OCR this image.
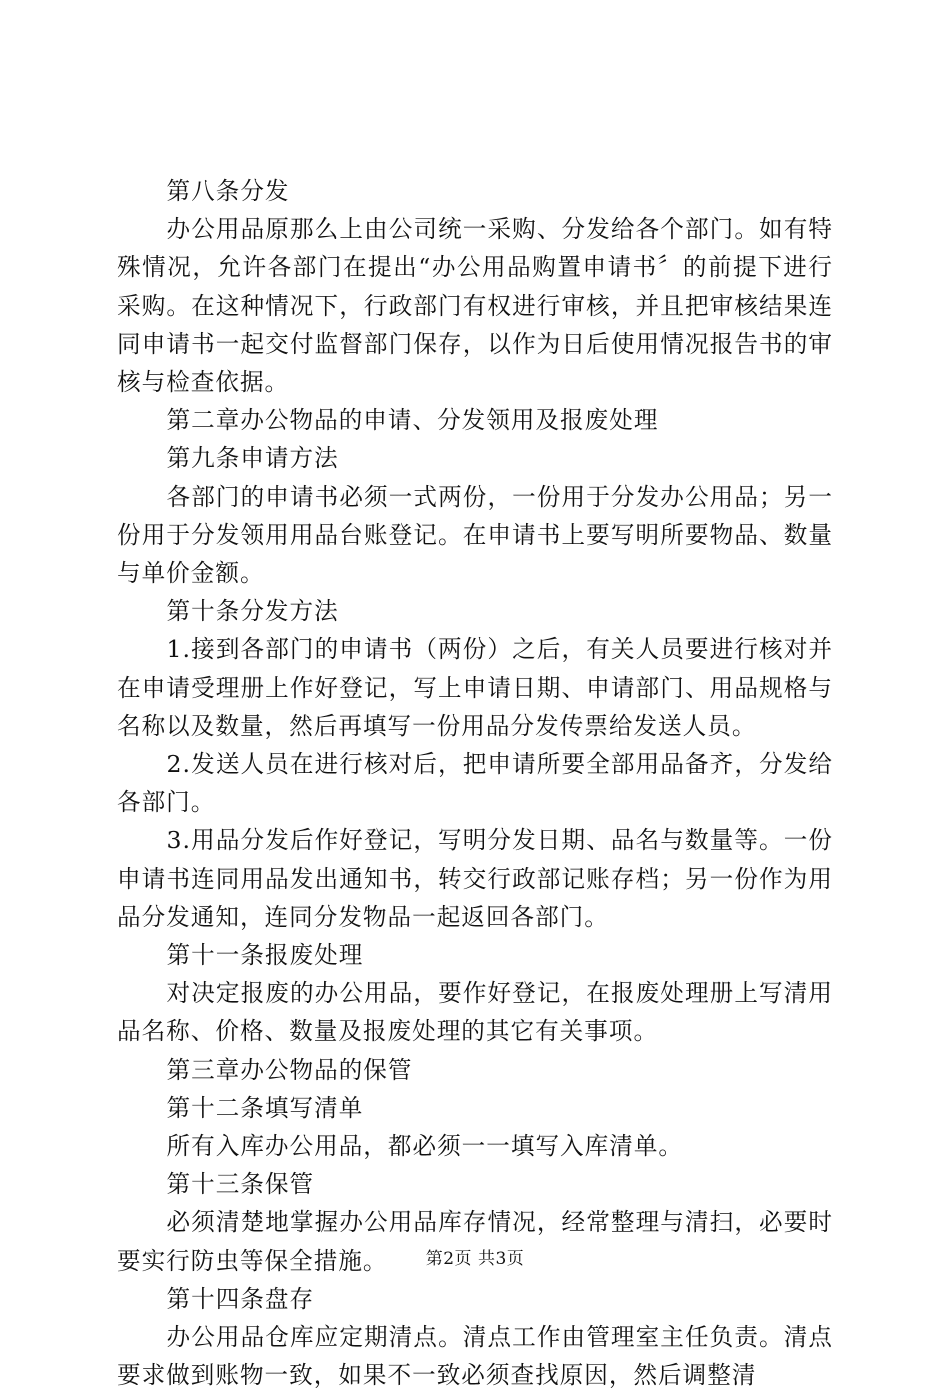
第八条分发

办公用品原那么上由公司统一采购、分发给各个部门。如有特殊情况，允许各部门在提出“办公用品购置申请书〞的前提下进行采购。在这种情况下，行政部门有权进行审核，并且把审核结果连同申请书一起交付监督部门保存，以作为日后使用情况报告书的审核与检查依据。

第二章办公物品的申请、分发领用及报废处理

第九条申请方法

各部门的申请书必须一式两份，一份用于分发办公用品；另一份用于分发领用用品台账登记。在申请书上要写明所要物品、数量与单价金额。

第十条分发方法

1.接到各部门的申请书（两份）之后，有关人员要进行核对并在申请受理册上作好登记，写上申请日期、申请部门、用品规格与名称以及数量，然后再填写一份用品分发传票给发送人员。

2.发送人员在进行核对后，把申请所要全部用品备齐，分发给各部门。

3.用品分发后作好登记，写明分发日期、品名与数量等。一份申请书连同用品发出通知书，转交行政部记账存档；另一份作为用品分发通知，连同分发物品一起返回各部门。

第十一条报废处理

对决定报废的办公用品，要作好登记，在报废处理册上写清用品名称、价格、数量及报废处理的其它有关事项。

第三章办公物品的保管

第十二条填写清单

所有入库办公用品，都必须一一填写入库清单。

第十三条保管

必须清楚地掌握办公用品库存情况，经常整理与清扫，必要时要实行防虫等保全措施。

第十四条盘存

办公用品仓库应定期清点。清点工作由管理室主任负责。清点要求做到账物一致，如果不一致必须查找原因，然后调整清

第2页 共3页
